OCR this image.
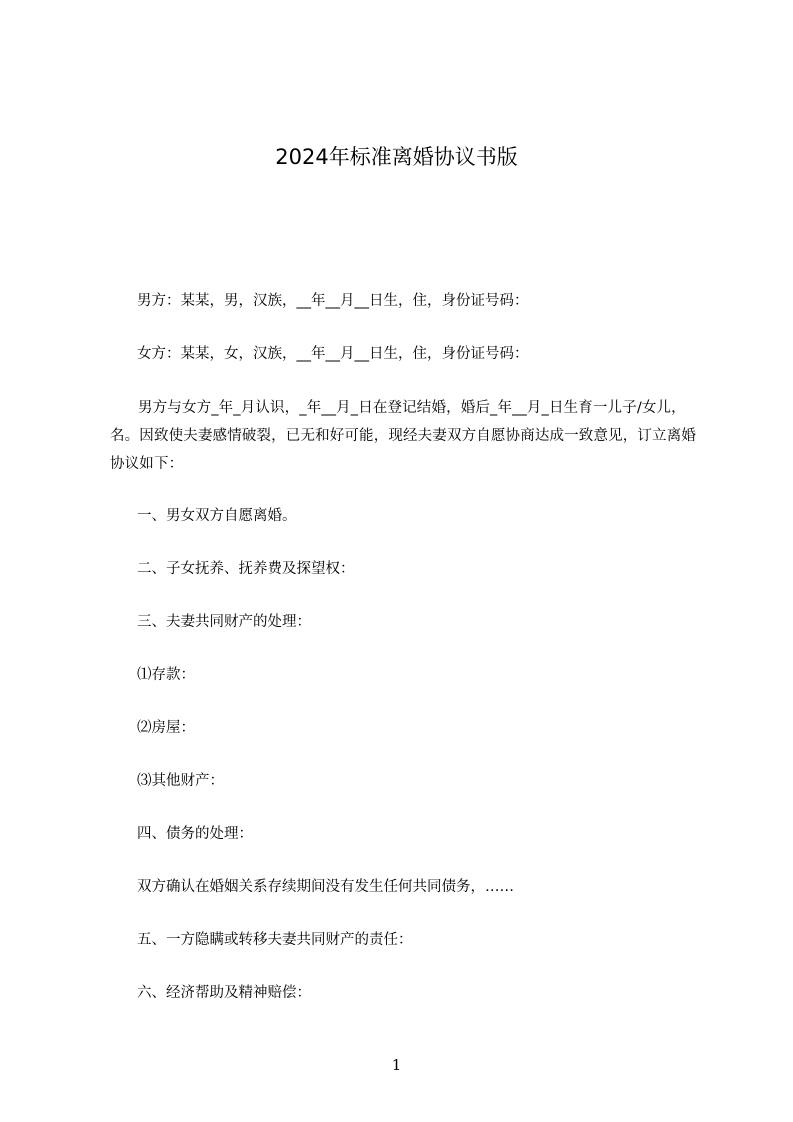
2024年标准离婚协议书版
男方：某某，男，汉族，__年__月__日生，住，身份证号码：
女方：某某，女，汉族，__年__月__日生，住，身份证号码：
男方与女方_年_月认识，_年__月_日在登记结婚，婚后_年__月_日生育一儿子/女儿，名。因致使夫妻感情破裂，已无和好可能，现经夫妻双方自愿协商达成一致意见，订立离婚协议如下：
一、男女双方自愿离婚。
二、子女抚养、抚养费及探望权：
三、夫妻共同财产的处理：
⑴存款：
⑵房屋：
⑶其他财产：
四、债务的处理：
双方确认在婚姻关系存续期间没有发生任何共同债务，……
五、一方隐瞒或转移夫妻共同财产的责任：
六、经济帮助及精神赔偿：
1
